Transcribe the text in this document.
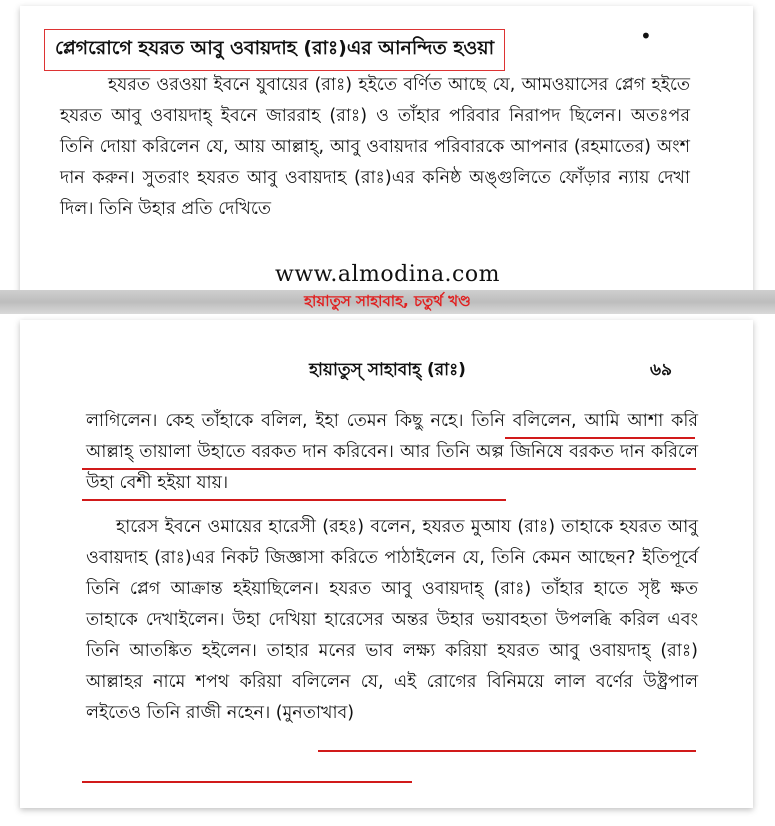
প্লেগরোগে হযরত আবু ওবায়দাহ (রাঃ)এর আনন্দিত হওয়া	•

হযরত ওরওয়া ইবনে যুবায়ের (রাঃ) হইতে বর্ণিত আছে যে, আমওয়াসের প্লেগ হইতে হযরত আবু ওবায়দাহ্ ইবনে জাররাহ (রাঃ) ও তাঁহার পরিবার নিরাপদ ছিলেন। অতঃপর তিনি দোয়া করিলেন যে, আয় আল্লাহ্, আবু ওবায়দার পরিবারকে আপনার (রহমাতের) অংশ দান করুন। সুতরাং হযরত আবু ওবায়দাহ (রাঃ)এর কনিষ্ঠ অঙ্গুলিতে ফোঁড়ার ন্যায় দেখা দিল। তিনি উহার প্রতি দেখিতে

www.almodina.com
হায়াতুস সাহাবাহ, চতুর্থ খণ্ড
হায়াতুস্ সাহাবাহ্ (রাঃ)	৬৯

লাগিলেন। কেহ তাঁহাকে বলিল, ইহা তেমন কিছু নহে। তিনি বলিলেন, আমি আশা করি আল্লাহ্ তায়ালা উহাতে বরকত দান করিবেন। আর তিনি অল্প জিনিষে বরকত দান করিলে উহা বেশী হইয়া যায়।

হারেস ইবনে ওমায়ের হারেসী (রহঃ) বলেন, হযরত মুআয (রাঃ) তাহাকে হযরত আবু ওবায়দাহ (রাঃ)এর নিকট জিজ্ঞাসা করিতে পাঠাইলেন যে, তিনি কেমন আছেন? ইতিপূর্বে তিনি প্লেগ আক্রান্ত হইয়াছিলেন। হযরত আবু ওবায়দাহ্ (রাঃ) তাঁহার হাতে সৃষ্ট ক্ষত তাহাকে দেখাইলেন। উহা দেখিয়া হারেসের অন্তর উহার ভয়াবহতা উপলব্ধি করিল এবং তিনি আতঙ্কিত হইলেন। তাহার মনের ভাব লক্ষ্য করিয়া হযরত আবু ওবায়দাহ্ (রাঃ) আল্লাহর নামে শপথ করিয়া বলিলেন যে, এই রোগের বিনিময়ে লাল বর্ণের উষ্ট্রপাল লইতেও তিনি রাজী নহেন। (মুনতাখাব)
